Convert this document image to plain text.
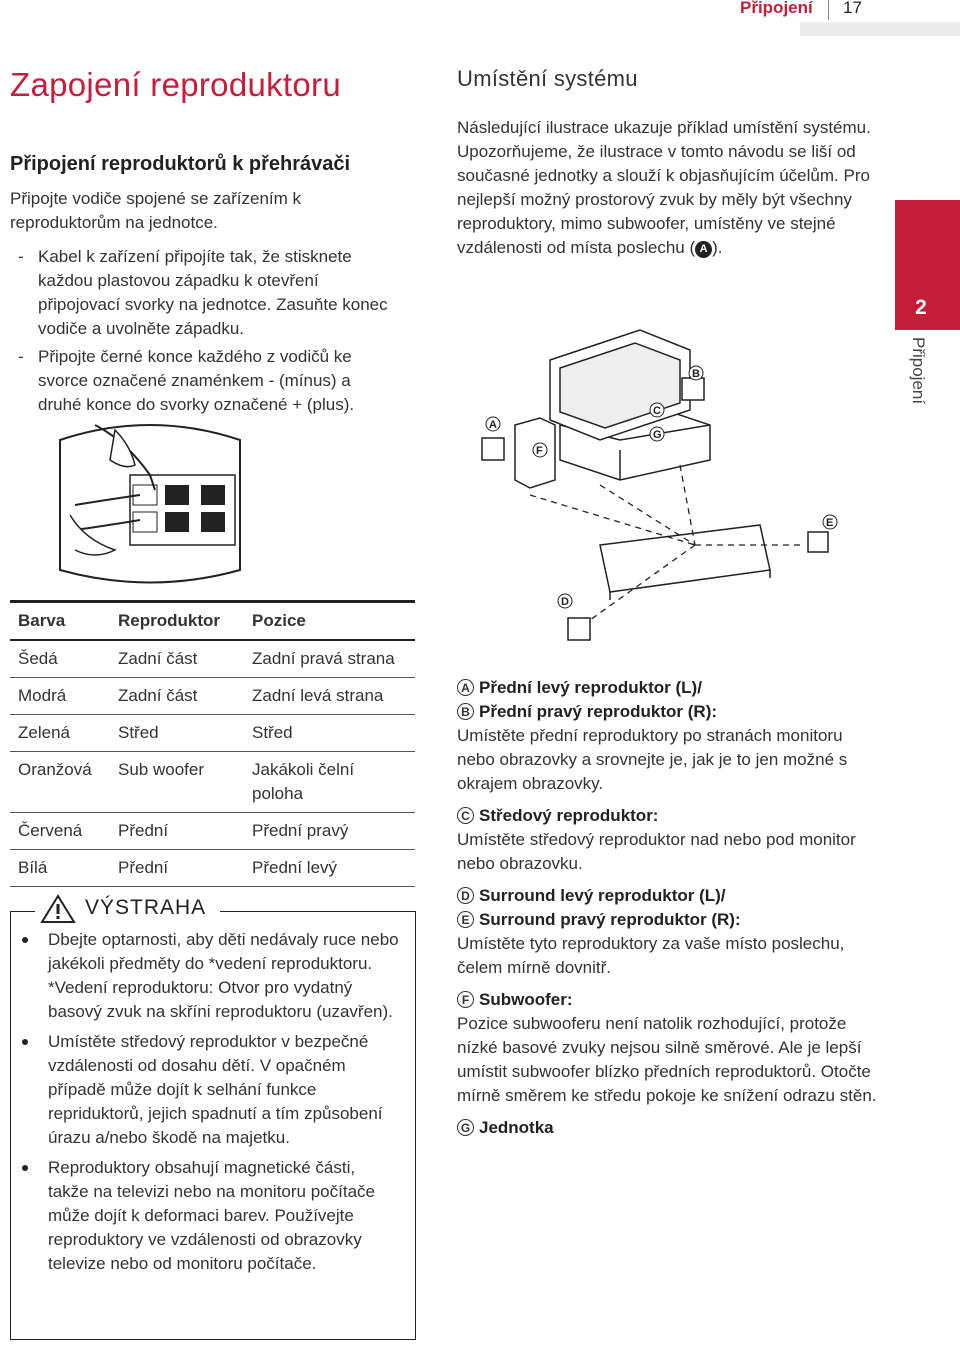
Připojení 17
2
Připojení
Zapojení reproduktoru
Připojení reproduktorů k přehrávači
Připojte vodiče spojené se zařízením k reproduktorům na jednotce.
- Kabel k zařízení připojíte tak, že stisknete každou plastovou západku k otevření připojovací svorky na jednotce. Zasuňte konec vodiče a uvolněte západku.
- Připojte černé konce každého z vodičů ke svorce označené znaménkem - (mínus) a druhé konce do svorky označené + (plus).
Barva	Reproduktor	Pozice
Šedá	Zadní část	Zadní pravá strana
Modrá	Zadní část	Zadní levá strana
Zelená	Střed	Střed
Oranžová	Sub woofer	Jakákoli čelní poloha
Červená	Přední	Přední pravý
Bílá	Přední	Přední levý
VÝSTRAHA
Dbejte optarnosti, aby děti nedávaly ruce nebo jakékoli předměty do *vedení reproduktoru. *Vedení reproduktoru: Otvor pro vydatný basový zvuk na skříni reproduktoru (uzavřen).
Umístěte středový reproduktor v bezpečné vzdálenosti od dosahu dětí. V opačném případě může dojít k selhání funkce repriduktorů, jejich spadnutí a tím způsobení úrazu a/nebo škodě na majetku.
Reproduktory obsahují magnetické části, takže na televizi nebo na monitoru počítače může dojít k deformaci barev. Používejte reproduktory ve vzdálenosti od obrazovky televize nebo od monitoru počítače.
Umístění systému
Následující ilustrace ukazuje příklad umístění systému. Upozorňujeme, že ilustrace v tomto návodu se liší od současné jednotky a slouží k objasňujícím účelům. Pro nejlepší možný prostorový zvuk by měly být všechny reproduktory, mimo subwoofer, umístěny ve stejné vzdálenosti od místa poslechu ( A ).
A
B
C
G
F
D
E
A Přední levý reproduktor (L)/
B Přední pravý reproduktor (R):
Umístěte přední reproduktory po stranách monitoru nebo obrazovky a srovnejte je, jak je to jen možné s okrajem obrazovky.
C Středový reproduktor:
Umístěte středový reproduktor nad nebo pod monitor nebo obrazovku.
D Surround levý reproduktor (L)/
E Surround pravý reproduktor (R):
Umístěte tyto reproduktory za vaše místo poslechu, čelem mírně dovnitř.
F Subwoofer:
Pozice subwooferu není natolik rozhodující, protože nízké basové zvuky nejsou silně směrové. Ale je lepší umístit subwoofer blízko předních reproduktorů. Otočte mírně směrem ke středu pokoje ke snížení odrazu stěn.
G Jednotka
